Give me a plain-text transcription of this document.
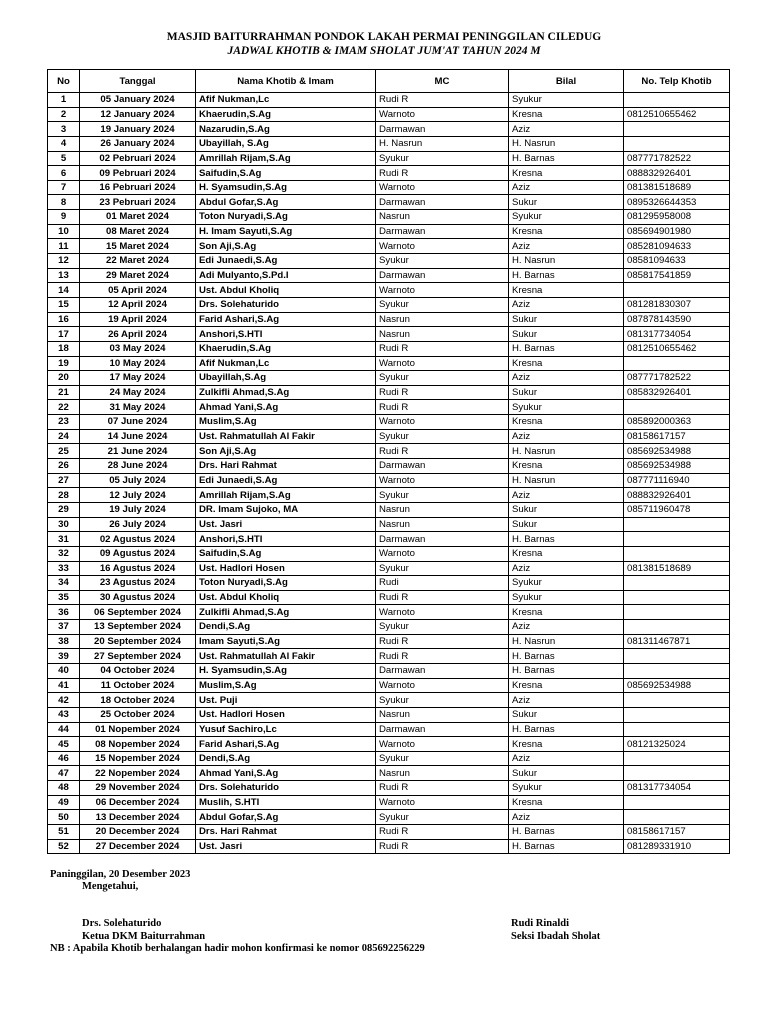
MASJID BAITURRAHMAN PONDOK LAKAH PERMAI PENINGGILAN CILEDUG
JADWAL KHOTIB & IMAM SHOLAT JUM'AT TAHUN 2024 M
No	Tanggal	Nama Khotib & Imam	MC	Bilal	No. Telp Khotib
1	05 January 2024	Afif Nukman,Lc	Rudi R	Syukur	
2	12 January 2024	Khaerudin,S.Ag	Warnoto	Kresna	0812510655462
3	19 January 2024	Nazarudin,S.Ag	Darmawan	Aziz	
4	26 January 2024	Ubayillah, S.Ag	H. Nasrun	H. Nasrun	
5	02 Pebruari 2024	Amrillah Rijam,S.Ag	Syukur	H. Barnas	087771782522
6	09 Pebruari 2024	Saifudin,S.Ag	Rudi R	Kresna	088832926401
7	16 Pebruari 2024	H. Syamsudin,S.Ag	Warnoto	Aziz	081381518689
8	23 Pebruari 2024	Abdul Gofar,S.Ag	Darmawan	Sukur	0895326644353
9	01 Maret 2024	Toton Nuryadi,S.Ag	Nasrun	Syukur	081295958008
10	08 Maret 2024	H. Imam Sayuti,S.Ag	Darmawan	Kresna	085694901980
11	15 Maret 2024	Son Aji,S.Ag	Warnoto	Aziz	085281094633
12	22 Maret 2024	Edi Junaedi,S.Ag	Syukur	H. Nasrun	08581094633
13	29 Maret 2024	Adi Mulyanto,S.Pd.I	Darmawan	H. Barnas	085817541859
14	05 April 2024	Ust. Abdul Kholiq	Warnoto	Kresna	
15	12 April 2024	Drs. Solehaturido	Syukur	Aziz	081281830307
16	19 April 2024	Farid Ashari,S.Ag	Nasrun	Sukur	087878143590
17	26 April 2024	Anshori,S.HTI	Nasrun	Sukur	081317734054
18	03 May 2024	Khaerudin,S.Ag	Rudi R	H. Barnas	0812510655462
19	10 May 2024	Afif Nukman,Lc	Warnoto	Kresna	
20	17 May 2024	Ubayillah,S.Ag	Syukur	Aziz	087771782522
21	24 May 2024	Zulkifli Ahmad,S.Ag	Rudi R	Sukur	085832926401
22	31 May 2024	Ahmad Yani,S.Ag	Rudi R	Syukur	
23	07 June 2024	Muslim,S.Ag	Warnoto	Kresna	085892000363
24	14 June 2024	Ust. Rahmatullah Al Fakir	Syukur	Aziz	08158617157
25	21 June 2024	Son Aji,S.Ag	Rudi R	H. Nasrun	085692534988
26	28 June 2024	Drs. Hari Rahmat	Darmawan	Kresna	085692534988
27	05 July 2024	Edi Junaedi,S.Ag	Warnoto	H. Nasrun	087771116940
28	12 July 2024	Amrillah Rijam,S.Ag	Syukur	Aziz	088832926401
29	19 July 2024	DR. Imam Sujoko, MA	Nasrun	Sukur	085711960478
30	26 July 2024	Ust. Jasri	Nasrun	Sukur	
31	02 Agustus 2024	Anshori,S.HTI	Darmawan	H. Barnas	
32	09 Agustus 2024	Saifudin,S.Ag	Warnoto	Kresna	
33	16 Agustus 2024	Ust. Hadlori Hosen	Syukur	Aziz	081381518689
34	23 Agustus 2024	Toton Nuryadi,S.Ag	Rudi	Syukur	
35	30 Agustus 2024	Ust. Abdul Kholiq	Rudi R	Syukur	
36	06 September 2024	Zulkifli Ahmad,S.Ag	Warnoto	Kresna	
37	13 September 2024	Dendi,S.Ag	Syukur	Aziz	
38	20 September 2024	Imam Sayuti,S.Ag	Rudi R	H. Nasrun	081311467871
39	27 September 2024	Ust. Rahmatullah Al Fakir	Rudi R	H. Barnas	
40	04 October 2024	H. Syamsudin,S.Ag	Darmawan	H. Barnas	
41	11 October 2024	Muslim,S.Ag	Warnoto	Kresna	085692534988
42	18 October 2024	Ust. Puji	Syukur	Aziz	
43	25 October 2024	Ust. Hadlori Hosen	Nasrun	Sukur	
44	01 Nopember 2024	Yusuf Sachiro,Lc	Darmawan	H. Barnas	
45	08 Nopember 2024	Farid Ashari,S.Ag	Warnoto	Kresna	08121325024
46	15 Nopember 2024	Dendi,S.Ag	Syukur	Aziz	
47	22 Nopember 2024	Ahmad Yani,S.Ag	Nasrun	Sukur	
48	29 November 2024	Drs. Solehaturido	Rudi R	Syukur	081317734054
49	06 December 2024	Muslih, S.HTI	Warnoto	Kresna	
50	13 December 2024	Abdul Gofar,S.Ag	Syukur	Aziz	
51	20 December 2024	Drs. Hari Rahmat	Rudi R	H. Barnas	08158617157
52	27 December 2024	Ust. Jasri	Rudi R	H. Barnas	081289331910
Paninggilan, 20 Desember 2023
Mengetahui,
Drs. Solehaturido
Ketua DKM Baiturrahman
Rudi Rinaldi
Seksi Ibadah Sholat
NB : Apabila Khotib berhalangan hadir mohon konfirmasi ke nomor 085692256229
